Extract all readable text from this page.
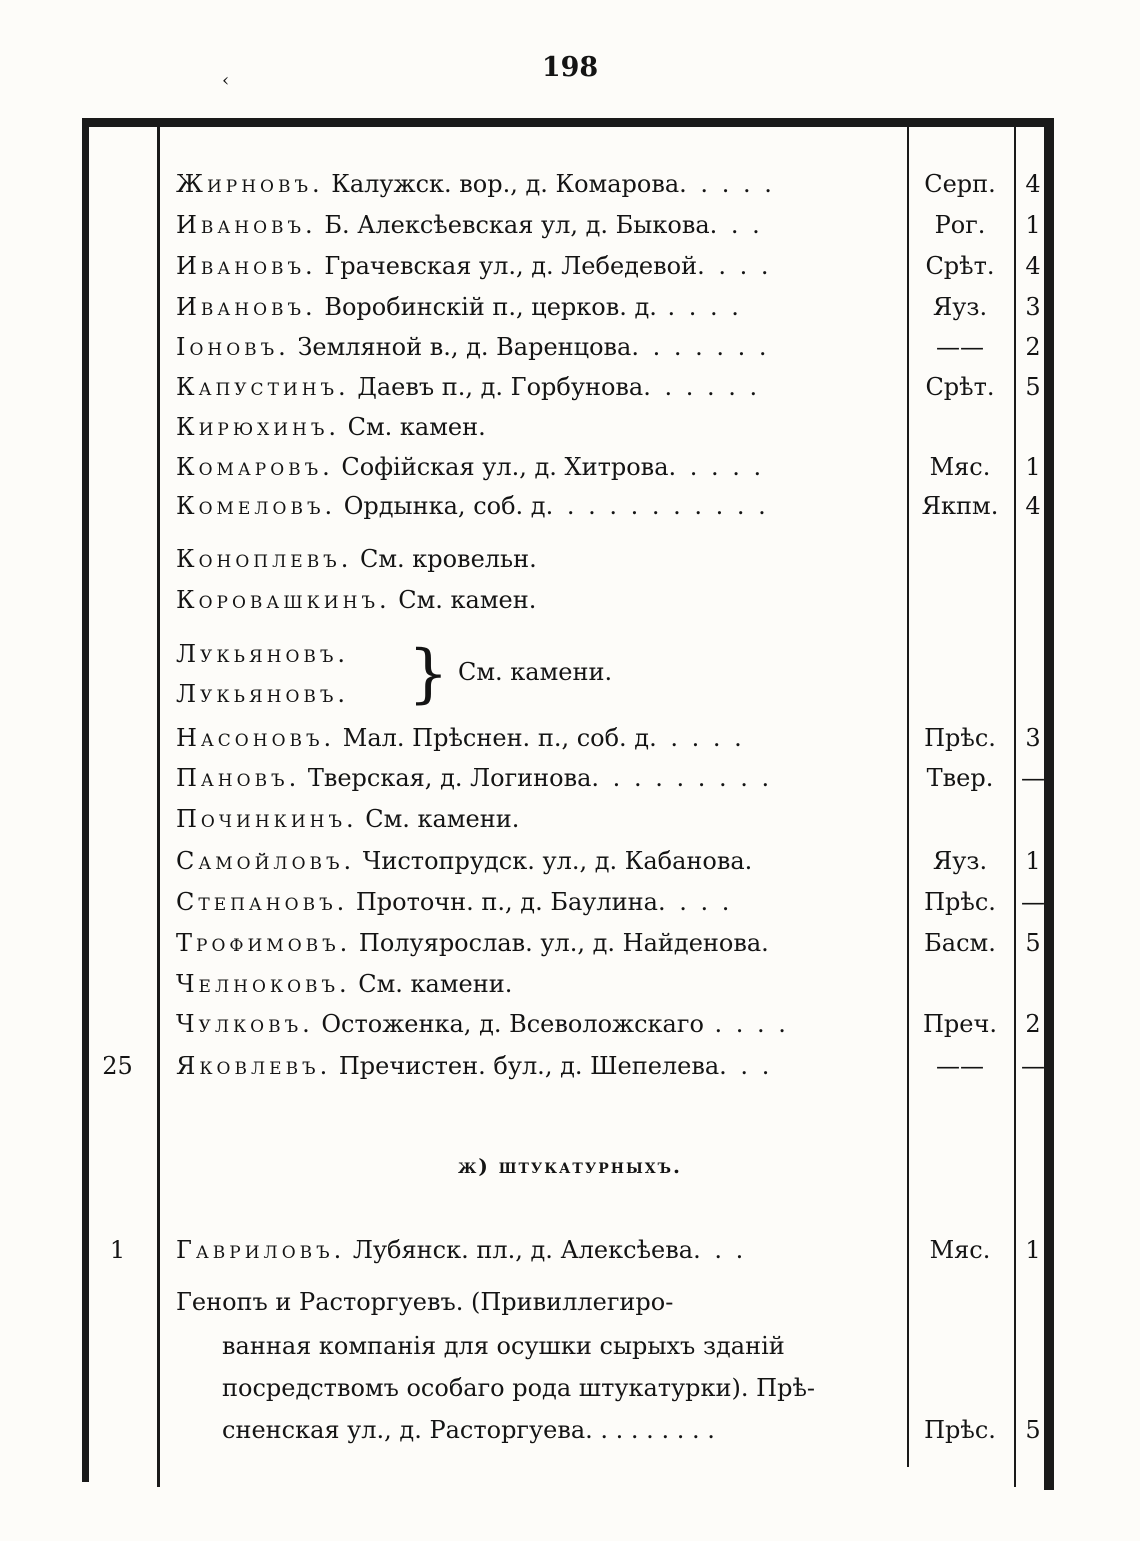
198
‹
Жирновъ. Калужск. вор., д. Комарова. . . . .	Серп.	4
Ивановъ. Б. Алексѣевская ул, д. Быкова. . .	Рог.	1
Ивановъ. Грачевская ул., д. Лебедевой. . . .	Срѣт.	4
Ивановъ. Воробинскій п., церков. д. . . . .	Яуз.	3
Іоновъ. Земляной в., д. Варенцова. . . . . . .	——	2
Капустинъ. Даевъ п., д. Горбунова. . . . . .	Срѣт.	5
Кирюхинъ. См. камен.
Комаровъ. Софійская ул., д. Хитрова. . . . .	Мяс.	1
Комеловъ. Ордынка, соб. д. . . . . . . . . . .	Якпм.	4
Коноплевъ. См. кровельн.
Коровашкинъ. См. камен.
Лукьяновъ.
Лукьяновъ. } См. камени.
Насоновъ. Мал. Прѣснен. п., соб. д. . . . .	Прѣс.	3
Пановъ. Тверская, д. Логинова. . . . . . . . .	Твер.	—
Починкинъ. См. камени.
Самойловъ. Чистопрудск. ул., д. Кабанова.	Яуз.	1
Степановъ. Проточн. п., д. Баулина. . . .	Прѣс.	—
Трофимовъ. Полуярослав. ул., д. Найденова.	Басм.	5
Челноковъ. См. камени.
Чулковъ. Остоженка, д. Всеволожскаго . . . .	Преч.	2
25	Яковлевъ. Пречистен. бул., д. Шепелева. . .	——	—
ж) штукатурныхъ.
1	Гавриловъ. Лубянск. пл., д. Алексѣева. . .	Мяс.	1
Генопъ и Расторгуевъ. (Привиллегиро-
ванная компанія для осушки сырыхъ зданій
посредствомъ особаго рода штукатурки). Прѣ-
сненская ул., д. Расторгуева. . . . . . . . .	Прѣс.	5
